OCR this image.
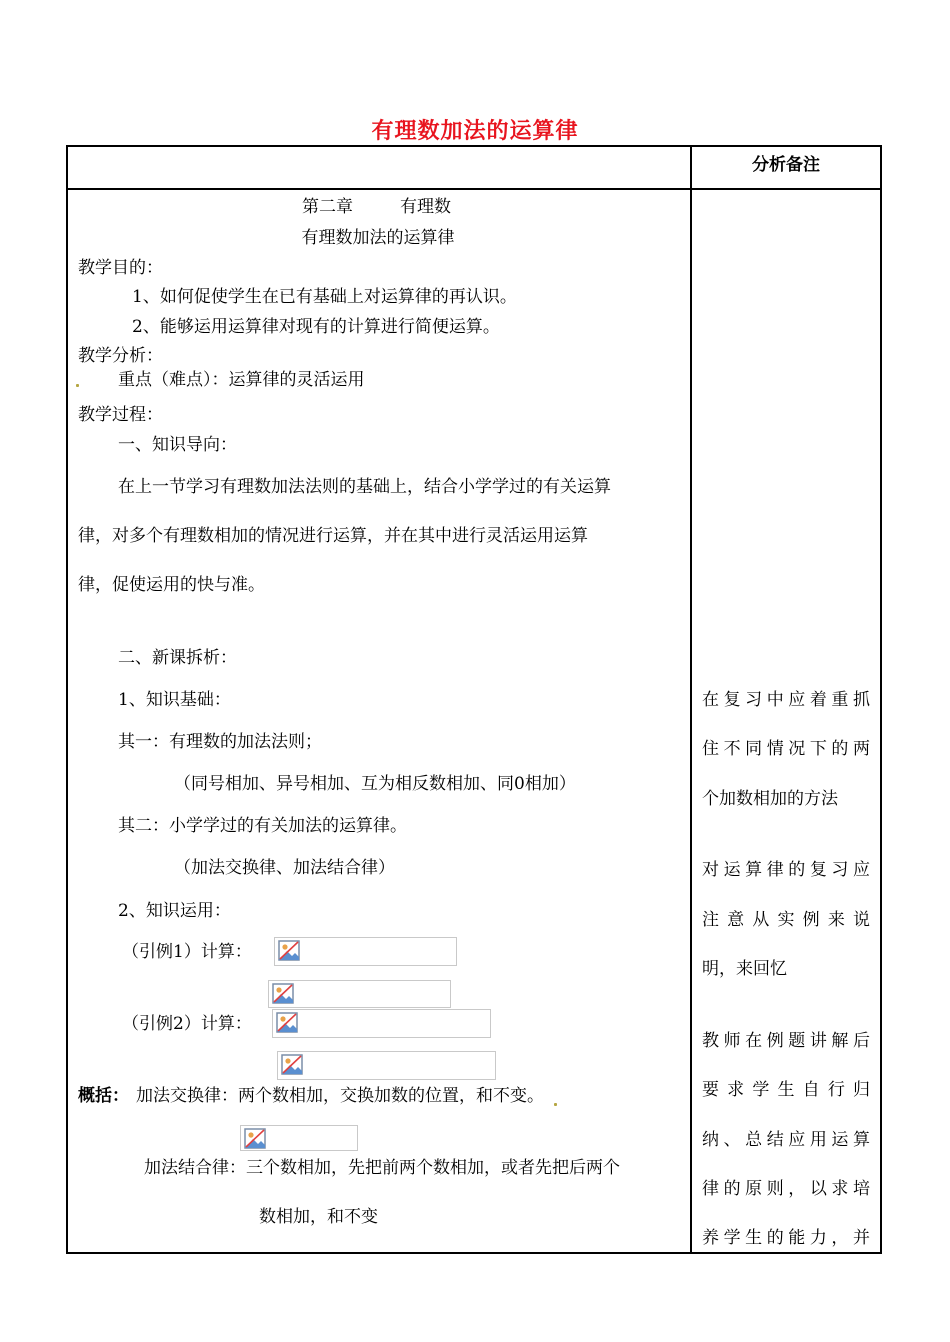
有理数加法的运算律
分析备注
第二章	有理数
有理数加法的运算律
教学目的：
1、如何促使学生在已有基础上对运算律的再认识。
2、能够运用运算律对现有的计算进行简便运算。
教学分析：
重点（难点）：运算律的灵活运用
教学过程：
一、知识导向：
在上一节学习有理数加法法则的基础上，结合小学学过的有关运算
律，对多个有理数相加的情况进行运算，并在其中进行灵活运用运算
律，促使运用的快与准。
二、新课拆析：
1、知识基础：
其一：有理数的加法法则；
（同号相加、异号相加、互为相反数相加、同0相加）
其二：小学学过的有关加法的运算律。
（加法交换律、加法结合律）
2、知识运用：
（引例1）计算：
（引例2）计算：
概括： 加法交换律：两个数相加，交换加数的位置，和不变。
加法结合律：三个数相加，先把前两个数相加，或者先把后两个
数相加，和不变
在复习中应着重抓
住不同情况下的两
个加数相加的方法
对运算律的复习应
注意从实例来说
明，来回忆
教师在例题讲解后
要求学生自行归
纳、总结应用运算
律的原则，以求培
养学生的能力，并
